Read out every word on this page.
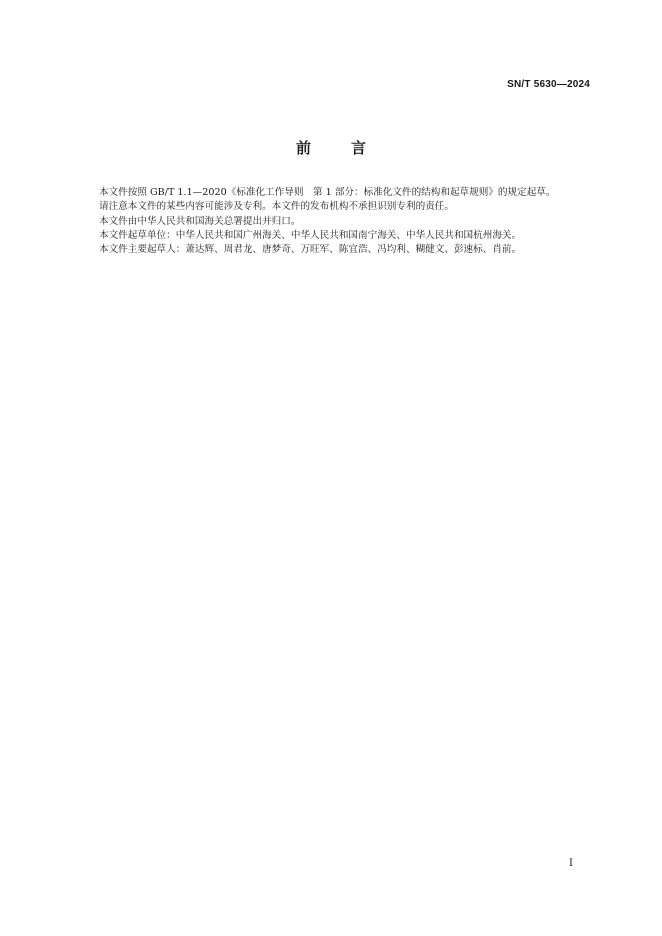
SN/T 5630—2024
前	言

本文件按照 GB/T 1.1—2020《标准化工作导则　第 1 部分：标准化文件的结构和起草规则》的规定起草。

请注意本文件的某些内容可能涉及专利。本文件的发布机构不承担识别专利的责任。

本文件由中华人民共和国海关总署提出并归口。

本文件起草单位：中华人民共和国广州海关、中华人民共和国南宁海关、中华人民共和国杭州海关。

本文件主要起草人：萧达辉、周君龙、唐梦奇、万旺军、陈宜浩、冯均利、糊健文、彭速标、肖前。

I
